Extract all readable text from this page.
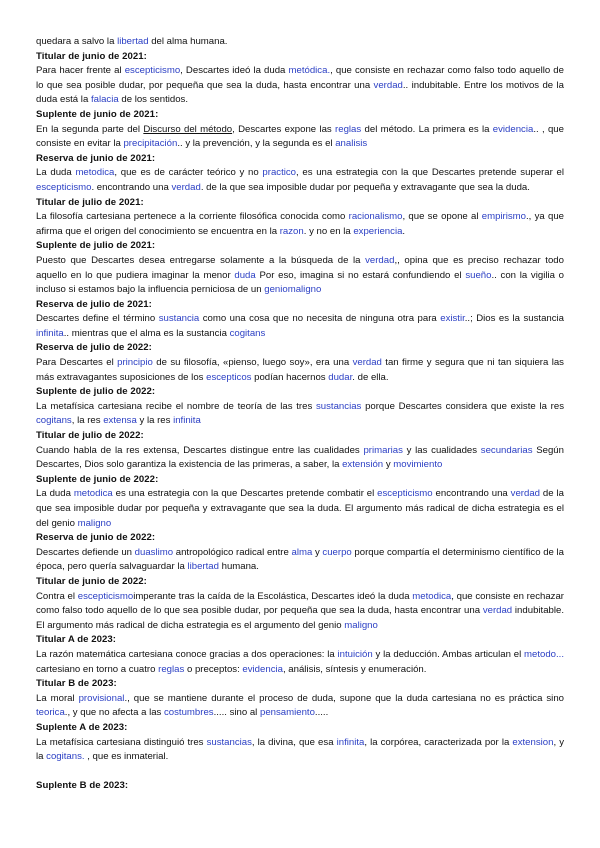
quedara a salvo la libertad del alma humana.
Titular de junio de 2021:
Para hacer frente al escepticismo, Descartes ideó la duda metódica., que consiste en rechazar como falso todo aquello de lo que sea posible dudar, por pequeña que sea la duda, hasta encontrar una verdad.. indubitable. Entre los motivos de la duda está la falacia de los sentidos.
Suplente de junio de 2021:
En la segunda parte del Discurso del método, Descartes expone las reglas del método. La primera es la evidencia.. , que consiste en evitar la precipitación.. y la prevención, y la segunda es el analisis
Reserva de junio de 2021:
La duda metodica, que es de carácter teórico y no practico, es una estrategia con la que Descartes pretende superar el escepticismo. encontrando una verdad. de la que sea imposible dudar por pequeña y extravagante que sea la duda.
Titular de julio de 2021:
La filosofía cartesiana pertenece a la corriente filosófica conocida como racionalismo, que se opone al empirismo., ya que afirma que el origen del conocimiento se encuentra en la razon. y no en la experiencia.
Suplente de julio de 2021:
Puesto que Descartes desea entregarse solamente a la búsqueda de la verdad,, opina que es preciso rechazar todo aquello en lo que pudiera imaginar la menor duda Por eso, imagina si no estará confundiendo el sueño.. con la vigilia o incluso si estamos bajo la influencia perniciosa de un geniomaligno
Reserva de julio de 2021:
Descartes define el término sustancia como una cosa que no necesita de ninguna otra para existir..; Dios es la sustancia infinita.. mientras que el alma es la sustancia cogitans
Reserva de julio de 2022:
Para Descartes el principio de su filosofía, «pienso, luego soy», era una verdad tan firme y segura que ni tan siquiera las más extravagantes suposiciones de los escepticos podían hacernos dudar. de ella.
Suplente de julio de 2022:
La metafísica cartesiana recibe el nombre de teoría de las tres sustancias porque Descartes considera que existe la res cogitans, la res extensa y la res infinita
Titular de julio de 2022:
Cuando habla de la res extensa, Descartes distingue entre las cualidades primarias y las cualidades secundarias Según Descartes, Dios solo garantiza la existencia de las primeras, a saber, la extensión y movimiento
Suplente de junio de 2022:
La duda metodica es una estrategia con la que Descartes pretende combatir el escepticismo encontrando una verdad de la que sea imposible dudar por pequeña y extravagante que sea la duda. El argumento más radical de dicha estrategia es el del genio maligno
Reserva de junio de 2022:
Descartes defiende un duaslimo antropológico radical entre alma y cuerpo porque compartía el determinismo científico de la época, pero quería salvaguardar la libertad humana.
Titular de junio de 2022:
Contra el escepticismoimperante tras la caída de la Escolástica, Descartes ideó la duda metodica, que consiste en rechazar como falso todo aquello de lo que sea posible dudar, por pequeña que sea la duda, hasta encontrar una verdad indubitable. El argumento más radical de dicha estrategia es el argumento del genio maligno
Titular A de 2023:
La razón matemática cartesiana conoce gracias a dos operaciones: la intuición y la deducción. Ambas articulan el metodo... cartesiano en torno a cuatro reglas o preceptos: evidencia, análisis, síntesis y enumeración.
Titular B de 2023:
La moral provisional., que se mantiene durante el proceso de duda, supone que la duda cartesiana no es práctica sino teorica., y que no afecta a las costumbres..... sino al pensamiento.....
Suplente A de 2023:
La metafísica cartesiana distinguió tres sustancias, la divina, que esa infinita, la corpórea, caracterizada por la extension, y la cogitans. , que es inmaterial.
Suplente B de 2023:
